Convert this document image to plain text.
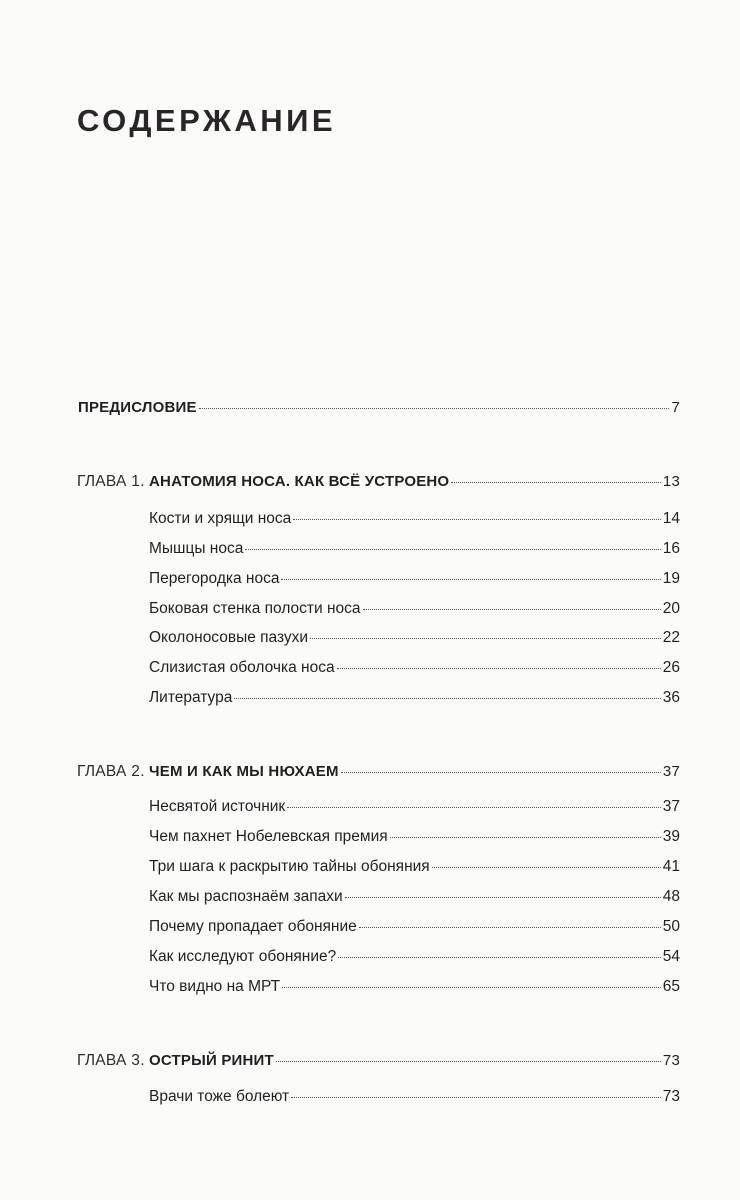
СОДЕРЖАНИЕ
ПРЕДИСЛОВИЕ	7
ГЛАВА 1. АНАТОМИЯ НОСА. КАК ВСЁ УСТРОЕНО	13
Кости и хрящи носа	14
Мышцы носа	16
Перегородка носа	19
Боковая стенка полости носа	20
Околоносовые пазухи	22
Слизистая оболочка носа	26
Литература	36
ГЛАВА 2. ЧЕМ И КАК МЫ НЮХАЕМ	37
Несвятой источник	37
Чем пахнет Нобелевская премия	39
Три шага к раскрытию тайны обоняния	41
Как мы распознаём запахи	48
Почему пропадает обоняние	50
Как исследуют обоняние?	54
Что видно на МРТ	65
ГЛАВА 3. ОСТРЫЙ РИНИТ	73
Врачи тоже болеют	73
